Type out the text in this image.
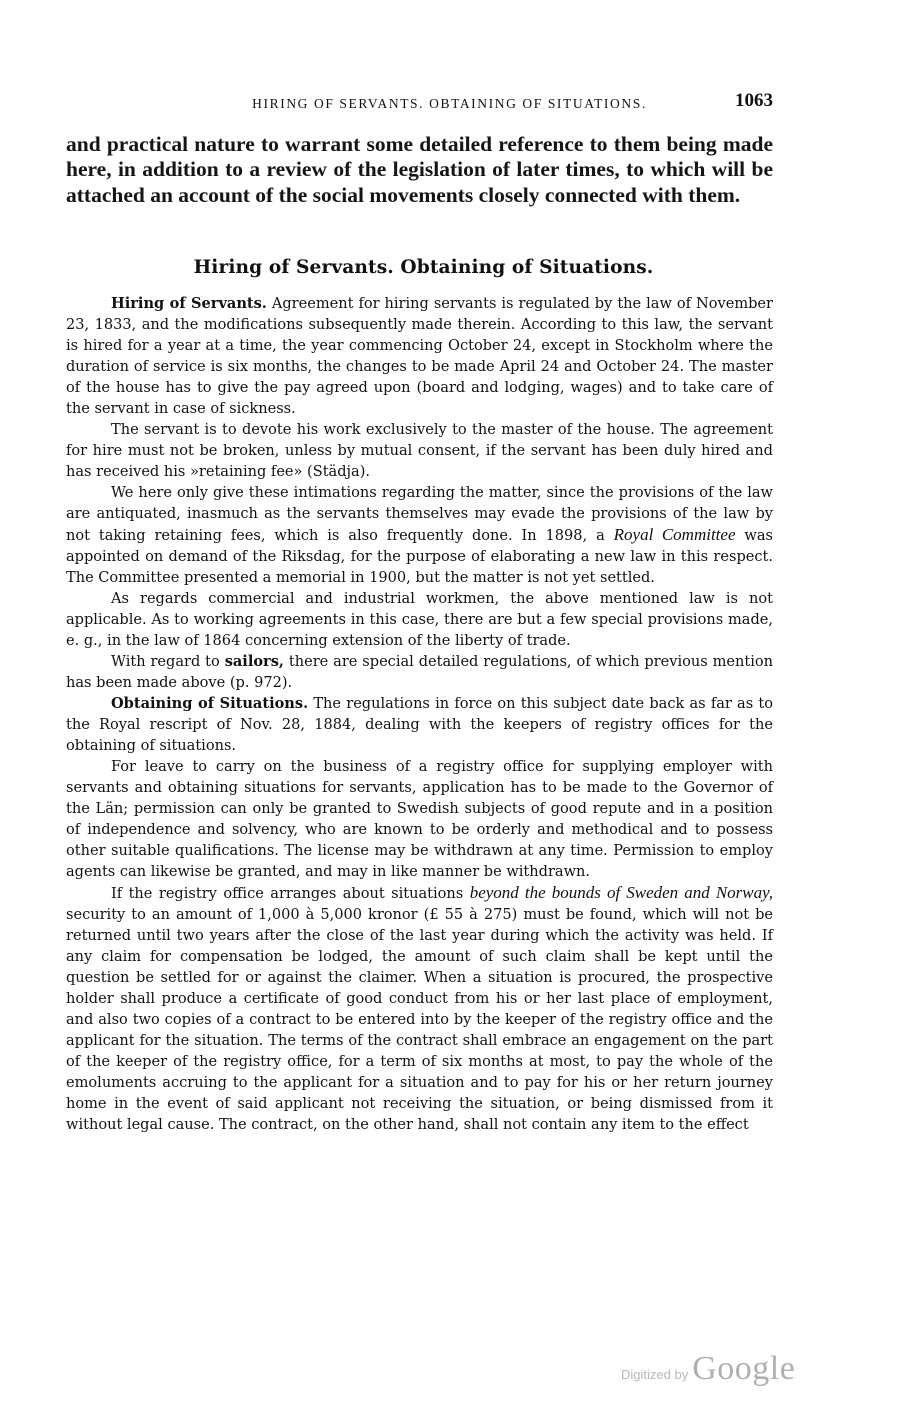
HIRING OF SERVANTS. OBTAINING OF SITUATIONS.	1063
and practical nature to warrant some detailed reference to them being made here, in addition to a review of the legislation of later times, to which will be attached an account of the social movements closely connected with them.
Hiring of Servants. Obtaining of Situations.

Hiring of Servants. Agreement for hiring servants is regulated by the law of November 23, 1833, and the modifications subsequently made therein. According to this law, the servant is hired for a year at a time, the year commencing October 24, except in Stockholm where the duration of service is six months, the changes to be made April 24 and October 24. The master of the house has to give the pay agreed upon (board and lodging, wages) and to take care of the servant in case of sickness.

The servant is to devote his work exclusively to the master of the house. The agreement for hire must not be broken, unless by mutual consent, if the servant has been duly hired and has received his »retaining fee» (Städja).

We here only give these intimations regarding the matter, since the provisions of the law are antiquated, inasmuch as the servants themselves may evade the provisions of the law by not taking retaining fees, which is also frequently done. In 1898, a Royal Committee was appointed on demand of the Riksdag, for the purpose of elaborating a new law in this respect. The Committee presented a memorial in 1900, but the matter is not yet settled.

As regards commercial and industrial workmen, the above mentioned law is not applicable. As to working agreements in this case, there are but a few special provisions made, e. g., in the law of 1864 concerning extension of the liberty of trade.

With regard to sailors, there are special detailed regulations, of which previous mention has been made above (p. 972).

Obtaining of Situations. The regulations in force on this subject date back as far as to the Royal rescript of Nov. 28, 1884, dealing with the keepers of registry offices for the obtaining of situations.

For leave to carry on the business of a registry office for supplying employer with servants and obtaining situations for servants, application has to be made to the Governor of the Län; permission can only be granted to Swedish subjects of good repute and in a position of independence and solvency, who are known to be orderly and methodical and to possess other suitable qualifications. The license may be withdrawn at any time. Permission to employ agents can likewise be granted, and may in like manner be withdrawn.

If the registry office arranges about situations beyond the bounds of Sweden and Norway, security to an amount of 1,000 à 5,000 kronor (£ 55 à 275) must be found, which will not be returned until two years after the close of the last year during which the activity was held. If any claim for compensation be lodged, the amount of such claim shall be kept until the question be settled for or against the claimer. When a situation is procured, the prospective holder shall produce a certificate of good conduct from his or her last place of employment, and also two copies of a contract to be entered into by the keeper of the registry office and the applicant for the situation. The terms of the contract shall embrace an engagement on the part of the keeper of the registry office, for a term of six months at most, to pay the whole of the emoluments accruing to the applicant for a situation and to pay for his or her return journey home in the event of said applicant not receiving the situation, or being dismissed from it without legal cause. The contract, on the other hand, shall not contain any item to the effect

Digitized by Google
